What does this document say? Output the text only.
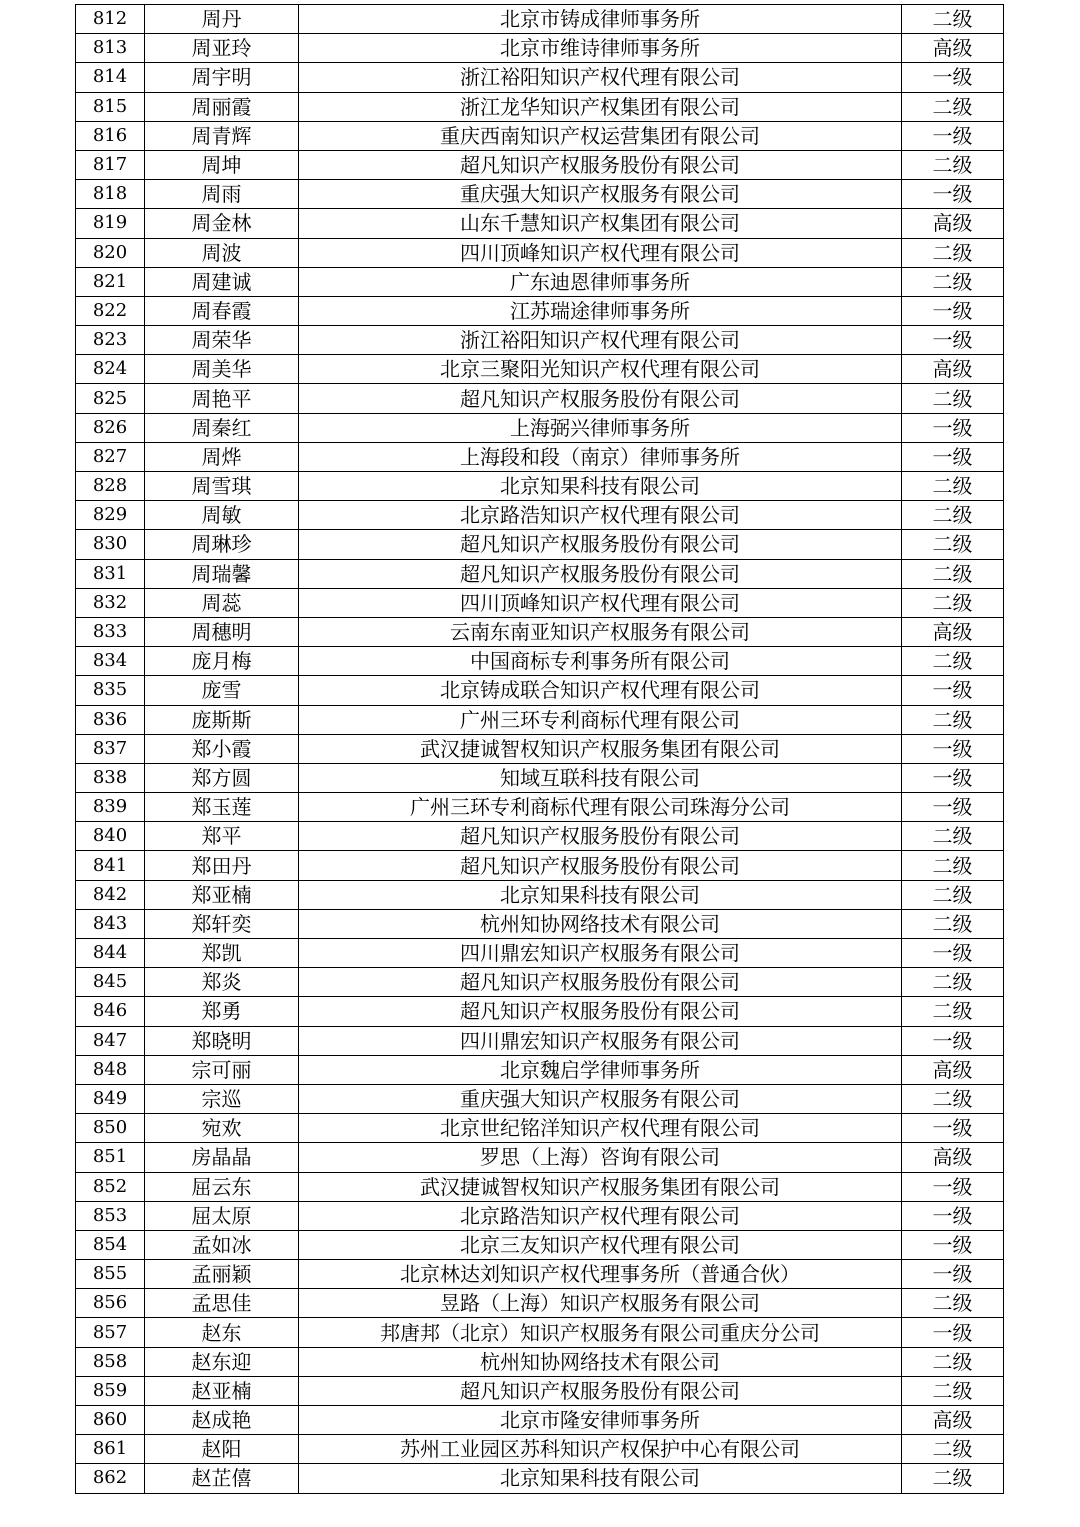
812	周丹	北京市铸成律师事务所	二级
813	周亚玲	北京市维诗律师事务所	高级
814	周宇明	浙江裕阳知识产权代理有限公司	一级
815	周丽霞	浙江龙华知识产权集团有限公司	二级
816	周青辉	重庆西南知识产权运营集团有限公司	一级
817	周坤	超凡知识产权服务股份有限公司	二级
818	周雨	重庆强大知识产权服务有限公司	一级
819	周金林	山东千慧知识产权集团有限公司	高级
820	周波	四川顶峰知识产权代理有限公司	二级
821	周建诚	广东迪恩律师事务所	二级
822	周春霞	江苏瑞途律师事务所	一级
823	周荣华	浙江裕阳知识产权代理有限公司	一级
824	周美华	北京三聚阳光知识产权代理有限公司	高级
825	周艳平	超凡知识产权服务股份有限公司	二级
826	周秦红	上海弼兴律师事务所	一级
827	周烨	上海段和段（南京）律师事务所	一级
828	周雪琪	北京知果科技有限公司	二级
829	周敏	北京路浩知识产权代理有限公司	二级
830	周琳珍	超凡知识产权服务股份有限公司	二级
831	周瑞馨	超凡知识产权服务股份有限公司	二级
832	周蕊	四川顶峰知识产权代理有限公司	二级
833	周穗明	云南东南亚知识产权服务有限公司	高级
834	庞月梅	中国商标专利事务所有限公司	二级
835	庞雪	北京铸成联合知识产权代理有限公司	一级
836	庞斯斯	广州三环专利商标代理有限公司	二级
837	郑小霞	武汉捷诚智权知识产权服务集团有限公司	一级
838	郑方圆	知域互联科技有限公司	一级
839	郑玉莲	广州三环专利商标代理有限公司珠海分公司	一级
840	郑平	超凡知识产权服务股份有限公司	二级
841	郑田丹	超凡知识产权服务股份有限公司	二级
842	郑亚楠	北京知果科技有限公司	二级
843	郑轩奕	杭州知协网络技术有限公司	二级
844	郑凯	四川鼎宏知识产权服务有限公司	一级
845	郑炎	超凡知识产权服务股份有限公司	二级
846	郑勇	超凡知识产权服务股份有限公司	二级
847	郑晓明	四川鼎宏知识产权服务有限公司	一级
848	宗可丽	北京魏启学律师事务所	高级
849	宗巡	重庆强大知识产权服务有限公司	二级
850	宛欢	北京世纪铭洋知识产权代理有限公司	一级
851	房晶晶	罗思（上海）咨询有限公司	高级
852	屈云东	武汉捷诚智权知识产权服务集团有限公司	一级
853	屈太原	北京路浩知识产权代理有限公司	一级
854	孟如冰	北京三友知识产权代理有限公司	一级
855	孟丽颖	北京林达刘知识产权代理事务所（普通合伙）	一级
856	孟思佳	昱路（上海）知识产权服务有限公司	二级
857	赵东	邦唐邦（北京）知识产权服务有限公司重庆分公司	一级
858	赵东迎	杭州知协网络技术有限公司	二级
859	赵亚楠	超凡知识产权服务股份有限公司	二级
860	赵成艳	北京市隆安律师事务所	高级
861	赵阳	苏州工业园区苏科知识产权保护中心有限公司	二级
862	赵芷僖	北京知果科技有限公司	二级
